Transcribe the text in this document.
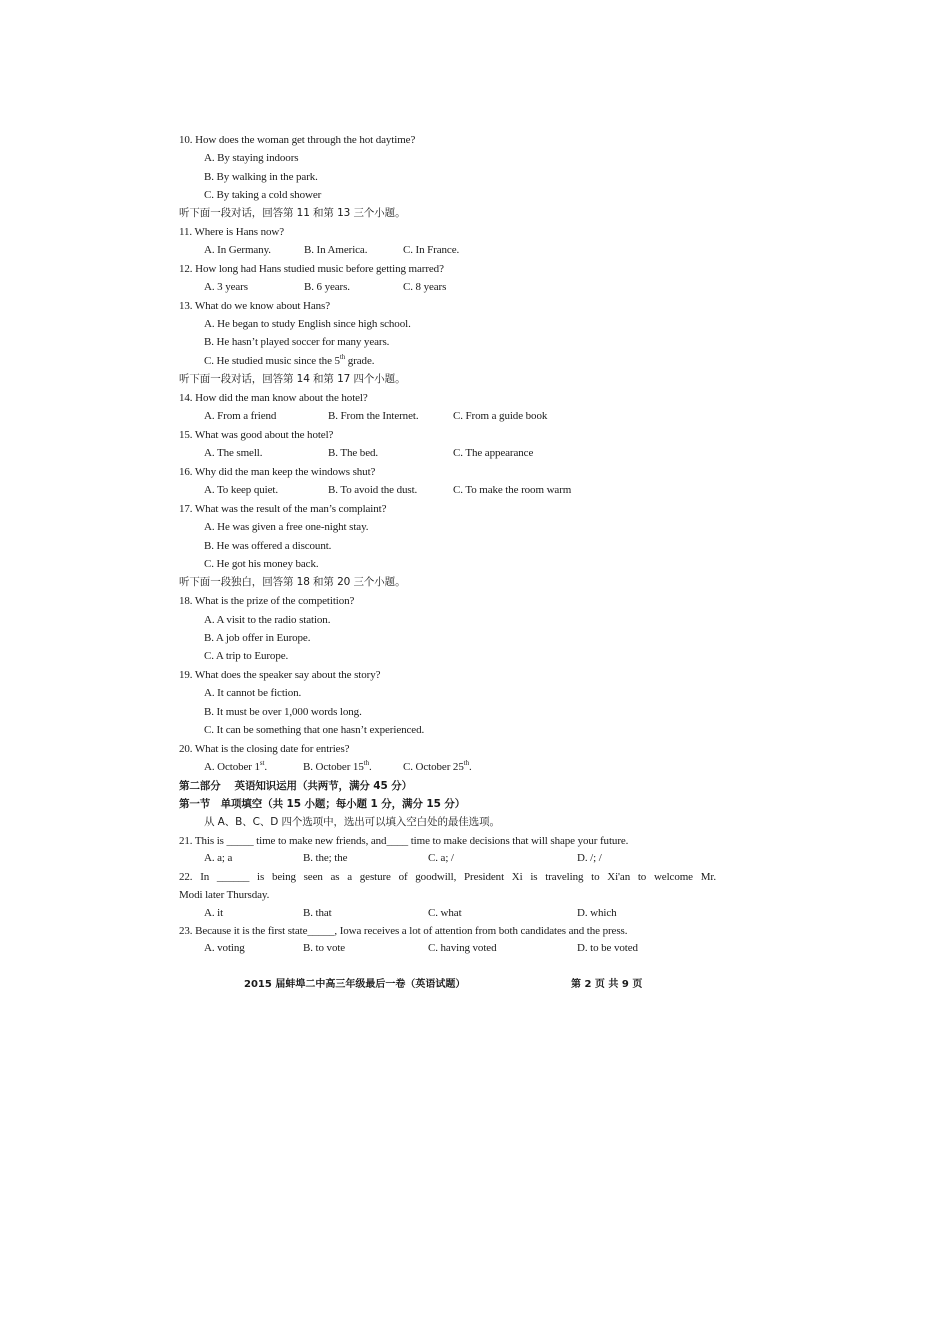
10. How does the woman get through the hot daytime?
A. By staying indoors
B. By walking in the park.
C. By taking a cold shower
听下面一段对话，回答第 11 和第 13 三个小题。
11. Where is Hans now?
A. In Germany.	B. In America.	C. In France.
12. How long had Hans studied music before getting marred?
A. 3 years	B. 6 years.	C. 8 years
13. What do we know about Hans?
A. He began to study English since high school.
B. He hasn’t played soccer for many years.
C. He studied music since the 5th grade.
听下面一段对话，回答第 14 和第 17 四个小题。
14. How did the man know about the hotel?
A. From a friend	B. From the Internet.	C. From a guide book
15. What was good about the hotel?
A. The smell.	B. The bed.	C. The appearance
16. Why did the man keep the windows shut?
A. To keep quiet.	B. To avoid the dust.	C. To make the room warm
17. What was the result of the man’s complaint?
A. He was given a free one-night stay.
B. He was offered a discount.
C. He got his money back.
听下面一段独白，回答第 18 和第 20 三个小题。
18. What is the prize of the competition?
A. A visit to the radio station.
B. A job offer in Europe.
C. A trip to Europe.
19. What does the speaker say about the story?
A. It cannot be fiction.
B. It must be over 1,000 words long.
C. It can be something that one hasn’t experienced.
20. What is the closing date for entries?
A. October 1st.	B. October 15th.	C. October 25th.
第二部分　 英语知识运用（共两节，满分 45 分）
第一节　单项填空（共 15 小题；每小题 1 分，满分 15 分）
从 A、B、C、D 四个选项中，选出可以填入空白处的最佳选项。
21. This is _____ time to make new friends, and____ time to make decisions that will shape your future.
A. a; a	B. the; the	C. a; /	D. /; /
22. In ______ is being seen as a gesture of goodwill, President Xi is traveling to Xi'an to welcome Mr.
Modi later Thursday.
A. it	B. that	C. what	D. which
23. Because it is the first state_____, Iowa receives a lot of attention from both candidates and the press.
A. voting	B. to vote	C. having voted	D. to be voted
2015 届蚌埠二中高三年级最后一卷（英语试题）	第 2 页 共 9 页
